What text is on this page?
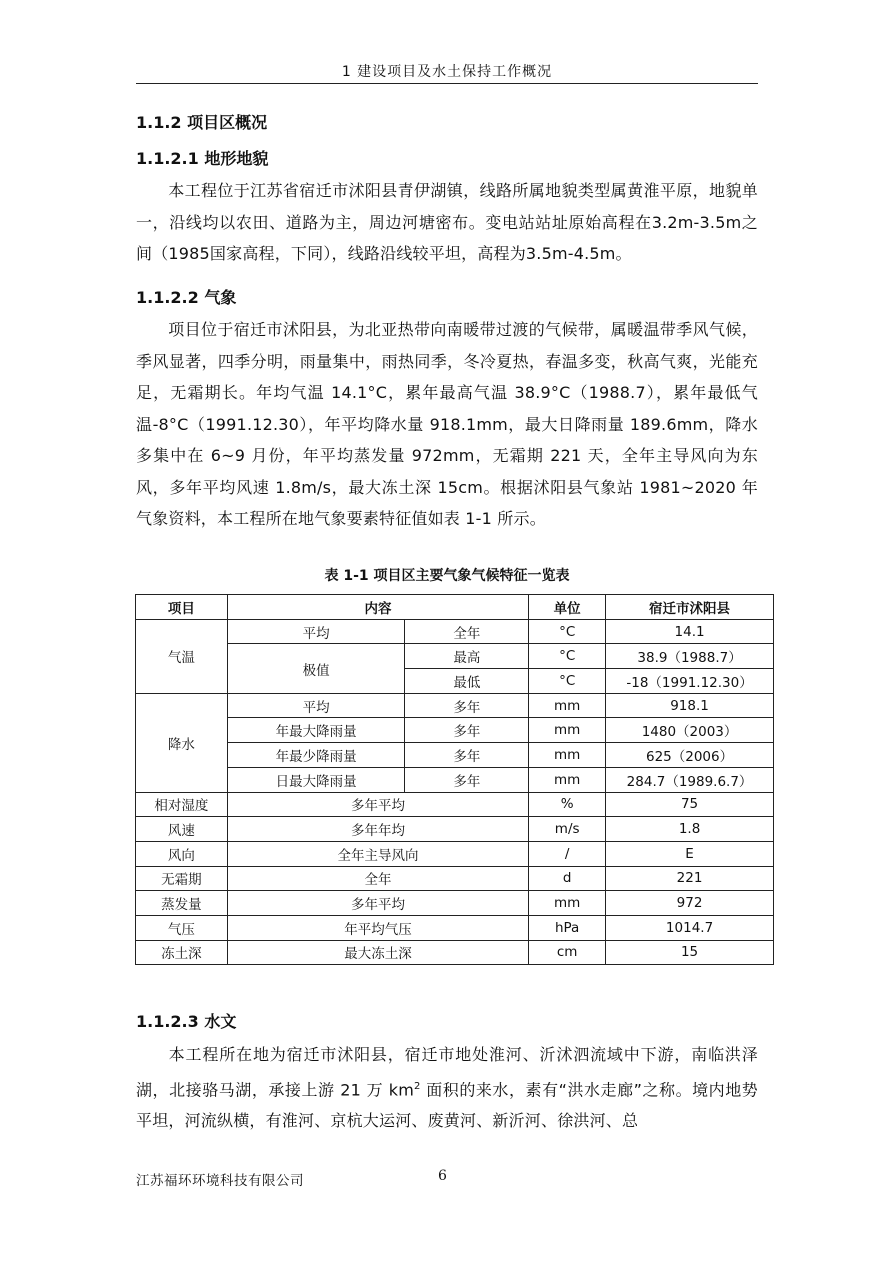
1 建设项目及水土保持工作概况
1.1.2 项目区概况
1.1.2.1 地形地貌
本工程位于江苏省宿迁市沭阳县青伊湖镇，线路所属地貌类型属黄淮平原，地貌单一，沿线均以农田、道路为主，周边河塘密布。变电站站址原始高程在3.2m-3.5m之间（1985国家高程，下同），线路沿线较平坦，高程为3.5m-4.5m。
1.1.2.2 气象
项目位于宿迁市沭阳县，为北亚热带向南暖带过渡的气候带，属暖温带季风气候，季风显著，四季分明，雨量集中，雨热同季，冬冷夏热，春温多变，秋高气爽，光能充足，无霜期长。年均气温 14.1°C，累年最高气温 38.9°C（1988.7），累年最低气温-8°C（1991.12.30），年平均降水量 918.1mm，最大日降雨量 189.6mm，降水多集中在 6~9 月份，年平均蒸发量 972mm，无霜期 221 天，全年主导风向为东风，多年平均风速 1.8m/s，最大冻土深 15cm。根据沭阳县气象站 1981~2020 年气象资料，本工程所在地气象要素特征值如表 1-1 所示。
表 1-1 项目区主要气象气候特征一览表
项目	内容		单位	宿迁市沭阳县
气温	平均	全年	°C	14.1
	极值	最高	°C	38.9（1988.7）
		最低	°C	-18（1991.12.30）
降水	平均	多年	mm	918.1
	年最大降雨量	多年	mm	1480（2003）
	年最少降雨量	多年	mm	625（2006）
	日最大降雨量	多年	mm	284.7（1989.6.7）
相对湿度	多年平均		%	75
风速	多年年均		m/s	1.8
风向	全年主导风向		/	E
无霜期	全年		d	221
蒸发量	多年平均		mm	972
气压	年平均气压		hPa	1014.7
冻土深	最大冻土深		cm	15
1.1.2.3 水文
本工程所在地为宿迁市沭阳县，宿迁市地处淮河、沂沭泗流域中下游，南临洪泽湖，北接骆马湖，承接上游 21 万 $km^2$ 面积的来水，素有“洪水走廊”之称。境内地势平坦，河流纵横，有淮河、京杭大运河、废黄河、新沂河、徐洪河、总
江苏福环环境科技有限公司	6
